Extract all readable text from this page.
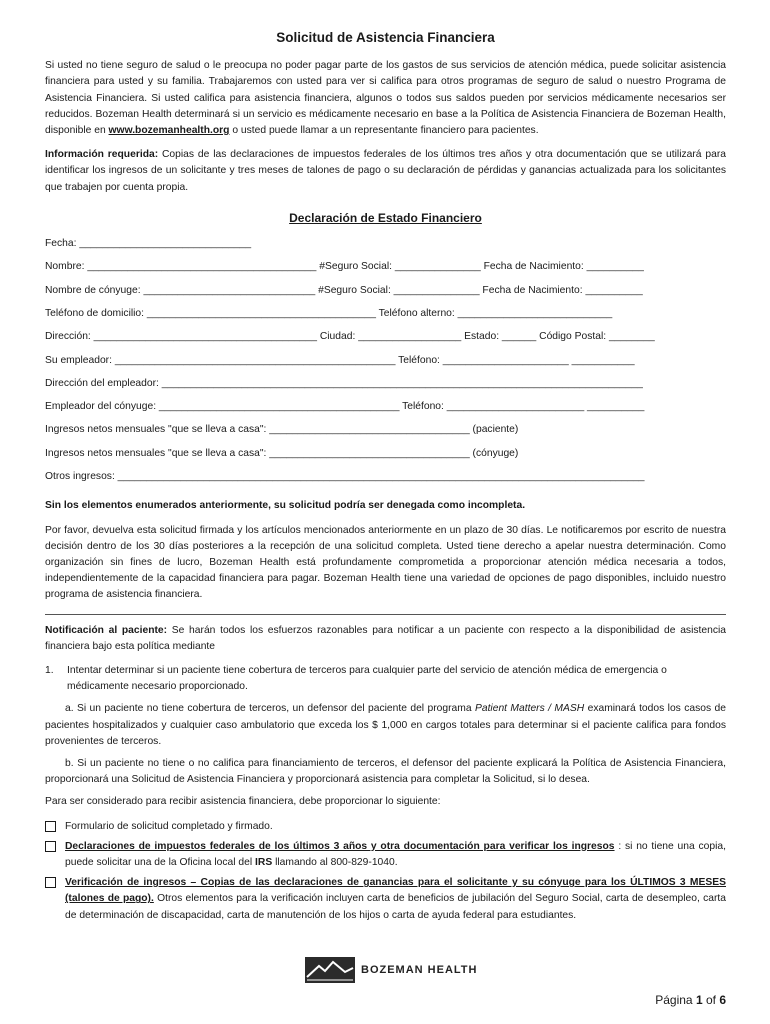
Solicitud de Asistencia Financiera

Si usted no tiene seguro de salud o le preocupa no poder pagar parte de los gastos de sus servicios de atención médica, puede solicitar asistencia financiera para usted y su familia. Trabajaremos con usted para ver si califica para otros programas de seguro de salud o nuestro Programa de Asistencia Financiera. Si usted califica para asistencia financiera, algunos o todos sus saldos pueden por servicios médicamente necesarios ser reducidos. Bozeman Health determinará si un servicio es médicamente necesario en base a la Política de Asistencia Financiera de Bozeman Health, disponible en www.bozemanhealth.org o usted puede llamar a un representante financiero para pacientes.

Información requerida: Copias de las declaraciones de impuestos federales de los últimos tres años y otra documentación que se utilizará para identificar los ingresos de un solicitante y tres meses de talones de pago o su declaración de pérdidas y ganancias actualizada para los solicitantes que trabajen por cuenta propia.

Declaración de Estado Financiero
Fecha: ______________________________
Nombre: ________________________________________ #Seguro Social: _______________ Fecha de Nacimiento: __________
Nombre de cónyuge: ______________________________ #Seguro Social: _______________ Fecha de Nacimiento: __________
Teléfono de domicilio: ________________________________________ Teléfono alterno: ___________________________
Dirección: _______________________________________ Ciudad: __________________ Estado: ______ Código Postal: ________
Su empleador: _________________________________________________ Teléfono: ______________________ ___________
Dirección del empleador: ____________________________________________________________________________________
Empleador del cónyuge: __________________________________________ Teléfono: ________________________ __________
Ingresos netos mensuales "que se lleva a casa": ___________________________________ (paciente)
Ingresos netos mensuales "que se lleva a casa": ___________________________________ (cónyuge)
Otros ingresos: ____________________________________________________________________________________________

Sin los elementos enumerados anteriormente, su solicitud podría ser denegada como incompleta.

Por favor, devuelva esta solicitud firmada y los artículos mencionados anteriormente en un plazo de 30 días. Le notificaremos por escrito de nuestra decisión dentro de los 30 días posteriores a la recepción de una solicitud completa. Usted tiene derecho a apelar nuestra determinación. Como organización sin fines de lucro, Bozeman Health está profundamente comprometida a proporcionar atención médica necesaria a todos, independientemente de la capacidad financiera para pagar. Bozeman Health tiene una variedad de opciones de pago disponibles, incluido nuestro programa de asistencia financiera.

Notificación al paciente: Se harán todos los esfuerzos razonables para notificar a un paciente con respecto a la disponibilidad de asistencia financiera bajo esta política mediante

1.	Intentar determinar si un paciente tiene cobertura de terceros para cualquier parte del servicio de atención médica de emergencia o médicamente necesario proporcionado.

a. Si un paciente no tiene cobertura de terceros, un defensor del paciente del programa Patient Matters / MASH examinará todos los casos de pacientes hospitalizados y cualquier caso ambulatorio que exceda los $ 1,000 en cargos totales para determinar si el paciente califica para fondos provenientes de terceros.

b. Si un paciente no tiene o no califica para financiamiento de terceros, el defensor del paciente explicará la Política de Asistencia Financiera, proporcionará una Solicitud de Asistencia Financiera y proporcionará asistencia para completar la Solicitud, si lo desea.

Para ser considerado para recibir asistencia financiera, debe proporcionar lo siguiente:

Formulario de solicitud completado y firmado.
Declaraciones de impuestos federales de los últimos 3 años y otra documentación para verificar los ingresos : si no tiene una copia, puede solicitar una de la Oficina local del IRS llamando al 800-829-1040.
Verificación de ingresos – Copias de las declaraciones de ganancias para el solicitante y su cónyuge para los ÚLTIMOS 3 MESES (talones de pago). Otros elementos para la verificación incluyen carta de beneficios de jubilación del Seguro Social, carta de desempleo, carta de determinación de discapacidad, carta de manutención de los hijos o carta de ayuda federal para estudiantes.
BOZEMAN HEALTH
Página 1 of 6
